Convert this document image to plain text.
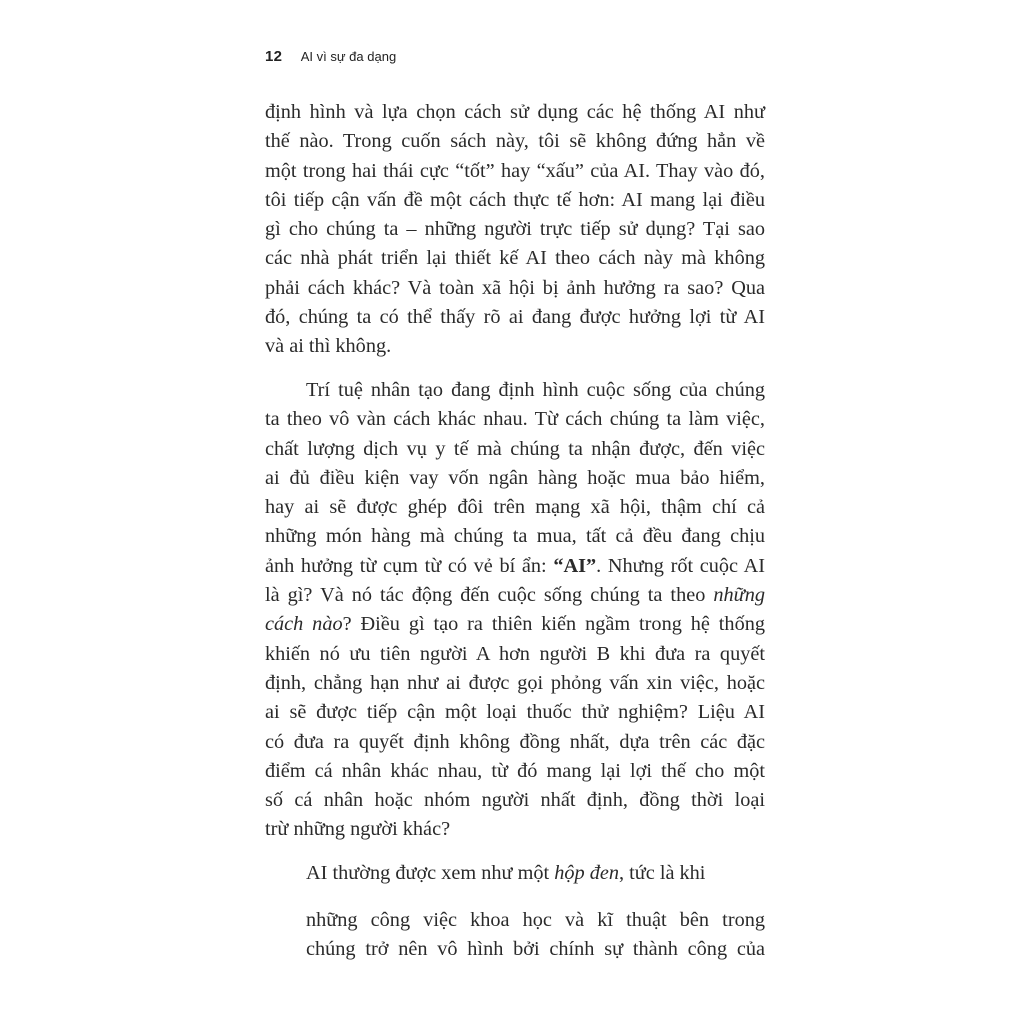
12 AI vì sự đa dạng
định hình và lựa chọn cách sử dụng các hệ thống AI như
thế nào. Trong cuốn sách này, tôi sẽ không đứng hẳn về
một trong hai thái cực “tốt” hay “xấu” của AI. Thay vào đó,
tôi tiếp cận vấn đề một cách thực tế hơn: AI mang lại điều
gì cho chúng ta – những người trực tiếp sử dụng? Tại sao
các nhà phát triển lại thiết kế AI theo cách này mà không
phải cách khác? Và toàn xã hội bị ảnh hưởng ra sao? Qua
đó, chúng ta có thể thấy rõ ai đang được hưởng lợi từ AI
và ai thì không.
Trí tuệ nhân tạo đang định hình cuộc sống của chúng
ta theo vô vàn cách khác nhau. Từ cách chúng ta làm việc,
chất lượng dịch vụ y tế mà chúng ta nhận được, đến việc
ai đủ điều kiện vay vốn ngân hàng hoặc mua bảo hiểm,
hay ai sẽ được ghép đôi trên mạng xã hội, thậm chí cả
những món hàng mà chúng ta mua, tất cả đều đang chịu
ảnh hưởng từ cụm từ có vẻ bí ẩn: “AI”. Nhưng rốt cuộc AI
là gì? Và nó tác động đến cuộc sống chúng ta theo những
cách nào? Điều gì tạo ra thiên kiến ngầm trong hệ thống
khiến nó ưu tiên người A hơn người B khi đưa ra quyết
định, chẳng hạn như ai được gọi phỏng vấn xin việc, hoặc
ai sẽ được tiếp cận một loại thuốc thử nghiệm? Liệu AI
có đưa ra quyết định không đồng nhất, dựa trên các đặc
điểm cá nhân khác nhau, từ đó mang lại lợi thế cho một
số cá nhân hoặc nhóm người nhất định, đồng thời loại
trừ những người khác?
AI thường được xem như một hộp đen, tức là khi
những công việc khoa học và kĩ thuật bên trong
chúng trở nên vô hình bởi chính sự thành công của
